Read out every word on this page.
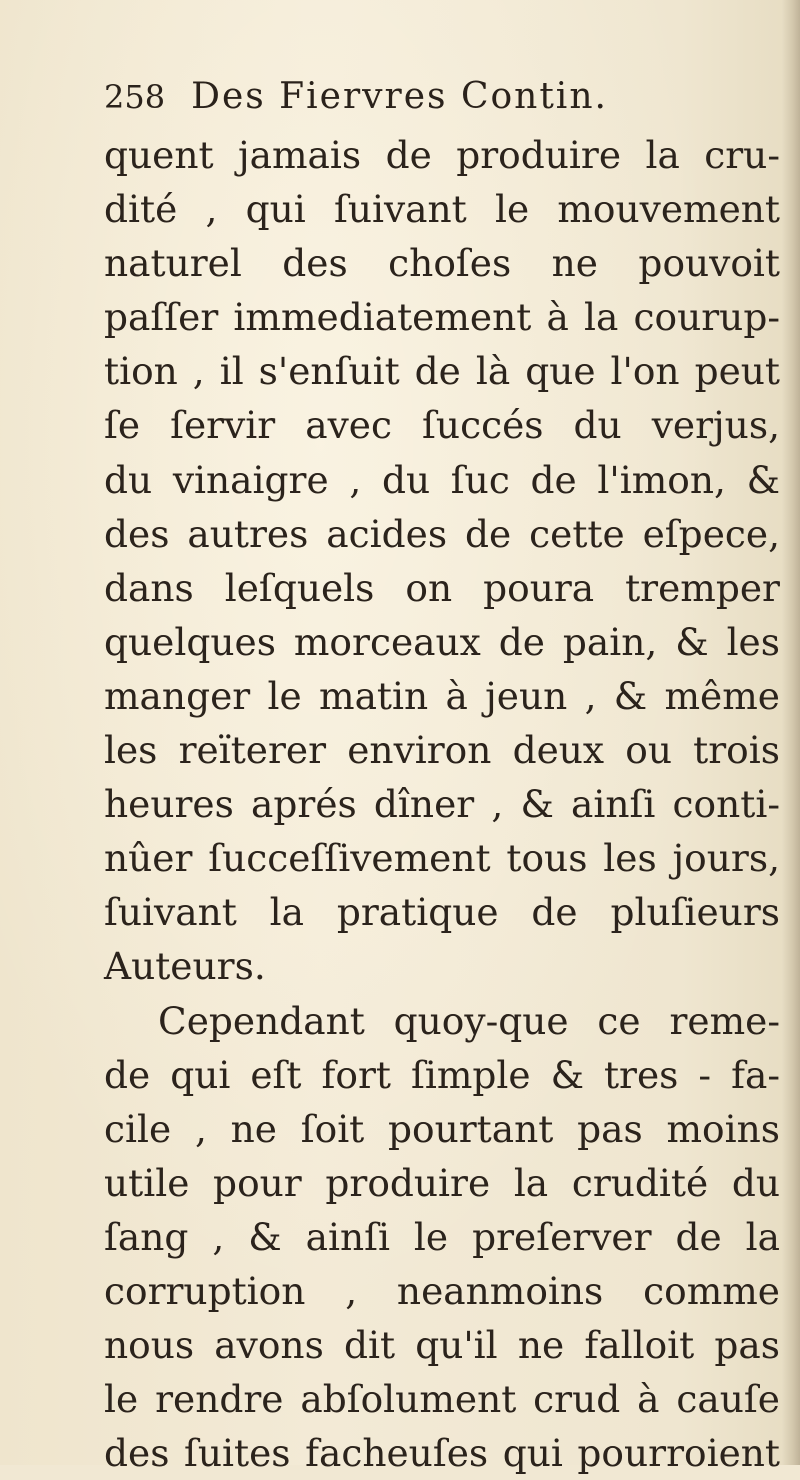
258 Des Fiervres Contin.
quent jamais de produire la cru-
dité , qui ſuivant le mouvement
naturel des choſes ne pouvoit
paſſer immediatement à la courup-
tion , il s'enſuit de là que l'on peut
ſe ſervir avec ſuccés du verjus,
du vinaigre , du ſuc de l'imon, &
des autres acides de cette eſpece,
dans leſquels on poura tremper
quelques morceaux de pain, & les
manger le matin à jeun , & même
les reïterer environ deux ou trois
heures aprés dîner , & ainſi conti-
nûer ſucceſſivement tous les jours,
ſuivant la pratique de pluſieurs
Auteurs.
Cependant quoy-que ce reme-
de qui eſt fort ſimple & tres - fa-
cile , ne ſoit pourtant pas moins
utile pour produire la crudité du
ſang , & ainſi le preſerver de la
corruption , neanmoins comme
nous avons dit qu'il ne falloit pas
le rendre abſolument crud à cauſe
des ſuites facheuſes qui pourroient
